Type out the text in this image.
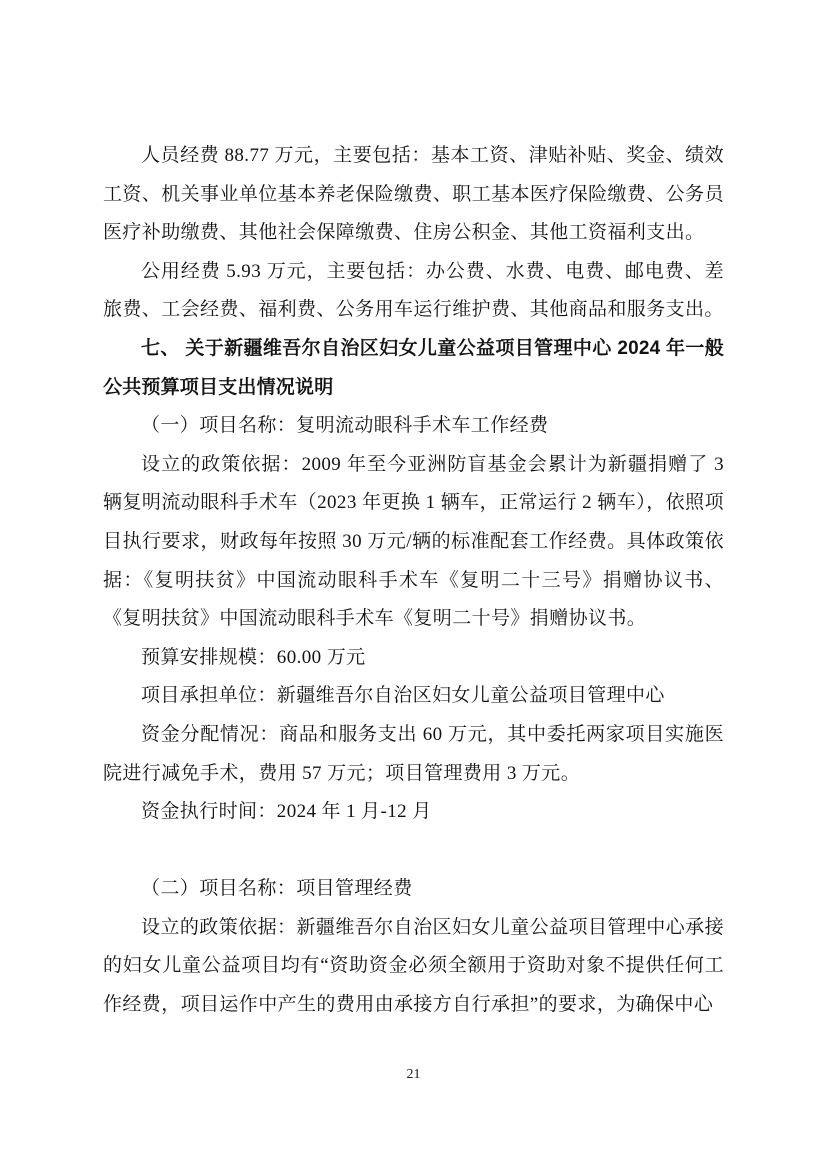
人员经费 88.77 万元，主要包括：基本工资、津贴补贴、奖金、绩效工资、机关事业单位基本养老保险缴费、职工基本医疗保险缴费、公务员医疗补助缴费、其他社会保障缴费、住房公积金、其他工资福利支出。

公用经费 5.93 万元，主要包括：办公费、水费、电费、邮电费、差旅费、工会经费、福利费、公务用车运行维护费、其他商品和服务支出。

七、 关于新疆维吾尔自治区妇女儿童公益项目管理中心 2024 年一般公共预算项目支出情况说明

（一）项目名称：复明流动眼科手术车工作经费

设立的政策依据：2009 年至今亚洲防盲基金会累计为新疆捐赠了 3 辆复明流动眼科手术车（2023 年更换 1 辆车，正常运行 2 辆车），依照项目执行要求，财政每年按照 30 万元/辆的标准配套工作经费。具体政策依据：《复明扶贫》中国流动眼科手术车《复明二十三号》捐赠协议书、《复明扶贫》中国流动眼科手术车《复明二十号》捐赠协议书。

预算安排规模：60.00 万元

项目承担单位：新疆维吾尔自治区妇女儿童公益项目管理中心

资金分配情况：商品和服务支出 60 万元，其中委托两家项目实施医院进行减免手术，费用 57 万元；项目管理费用 3 万元。

资金执行时间：2024 年 1 月-12 月

（二）项目名称：项目管理经费

设立的政策依据：新疆维吾尔自治区妇女儿童公益项目管理中心承接的妇女儿童公益项目均有“资助资金必须全额用于资助对象不提供任何工作经费，项目运作中产生的费用由承接方自行承担”的要求，为确保中心

21
